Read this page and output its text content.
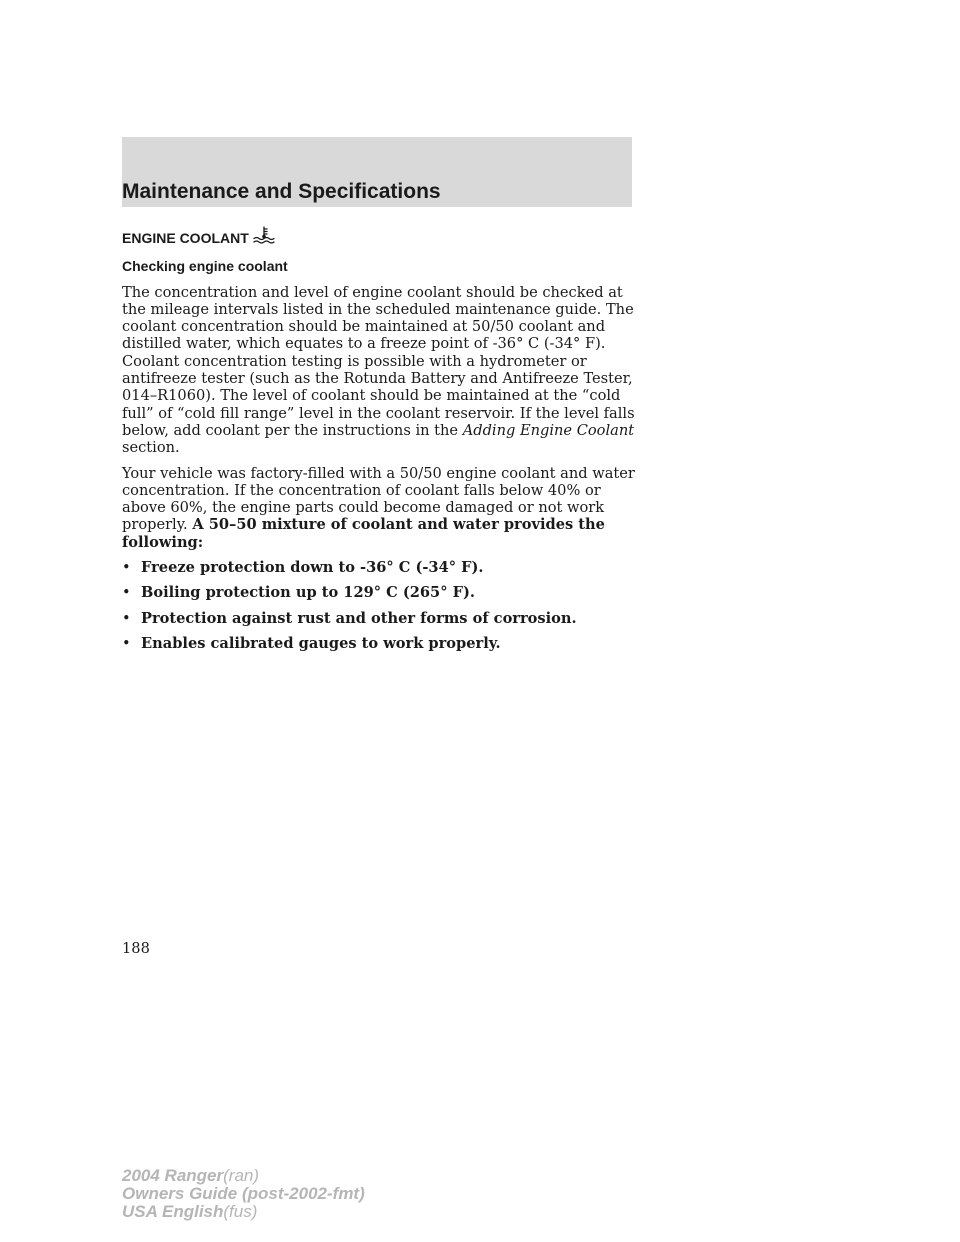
Maintenance and Specifications
ENGINE COOLANT
Checking engine coolant

The concentration and level of engine coolant should be checked at the mileage intervals listed in the scheduled maintenance guide. The coolant concentration should be maintained at 50/50 coolant and distilled water, which equates to a freeze point of -36° C (-34° F). Coolant concentration testing is possible with a hydrometer or antifreeze tester (such as the Rotunda Battery and Antifreeze Tester, 014–R1060). The level of coolant should be maintained at the “cold full” of “cold fill range” level in the coolant reservoir. If the level falls below, add coolant per the instructions in the Adding Engine Coolant section.

Your vehicle was factory-filled with a 50/50 engine coolant and water concentration. If the concentration of coolant falls below 40% or above 60%, the engine parts could become damaged or not work properly. A 50–50 mixture of coolant and water provides the following:

• Freeze protection down to -36° C (-34° F).
• Boiling protection up to 129° C (265° F).
• Protection against rust and other forms of corrosion.
• Enables calibrated gauges to work properly.
188
2004 Ranger(ran)
Owners Guide (post-2002-fmt)
USA English(fus)
